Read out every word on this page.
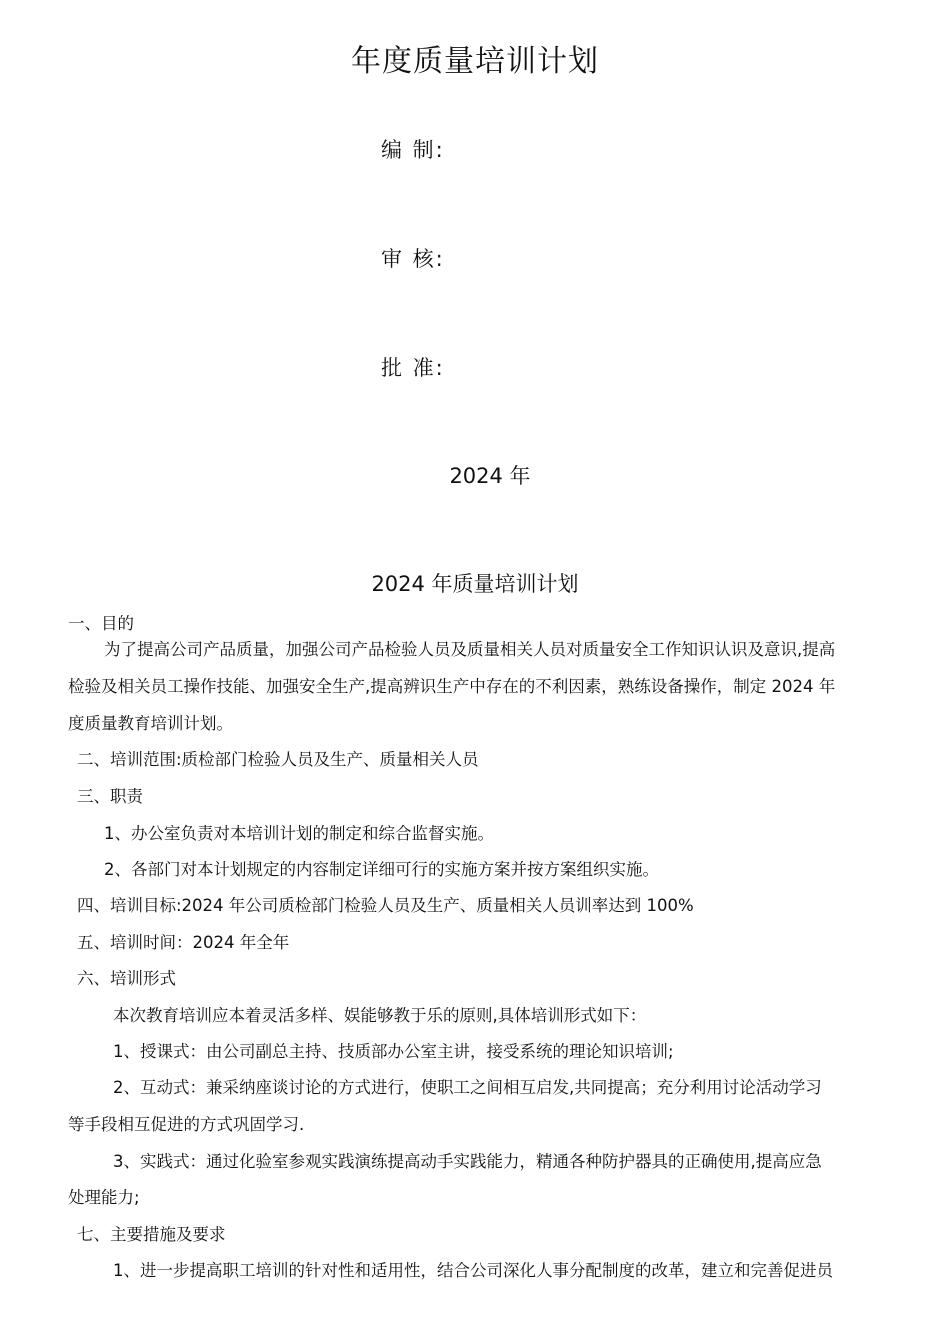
年度质量培训计划
编 制:
审 核:
批 准:
2024 年
2024 年质量培训计划
一、目的
为了提高公司产品质量，加强公司产品检验人员及质量相关人员对质量安全工作知识认识及意识,提高
检验及相关员工操作技能、加强安全生产,提高辨识生产中存在的不利因素，熟练设备操作，制定 2024 年
度质量教育培训计划。
二、培训范围:质检部门检验人员及生产、质量相关人员
三、职责
1、办公室负责对本培训计划的制定和综合监督实施。
2、各部门对本计划规定的内容制定详细可行的实施方案并按方案组织实施。
四、培训目标:2024 年公司质检部门检验人员及生产、质量相关人员训率达到 100%
五、培训时间：2024 年全年
六、培训形式
本次教育培训应本着灵活多样、娱能够教于乐的原则,具体培训形式如下：
1、授课式：由公司副总主持、技质部办公室主讲，接受系统的理论知识培训;
2、互动式：兼采纳座谈讨论的方式进行，使职工之间相互启发,共同提高；充分利用讨论活动学习
等手段相互促进的方式巩固学习.
3、实践式：通过化验室参观实践演练提高动手实践能力，精通各种防护器具的正确使用,提高应急
处理能力;
七、主要措施及要求
1、进一步提高职工培训的针对性和适用性，结合公司深化人事分配制度的改革，建立和完善促进员
